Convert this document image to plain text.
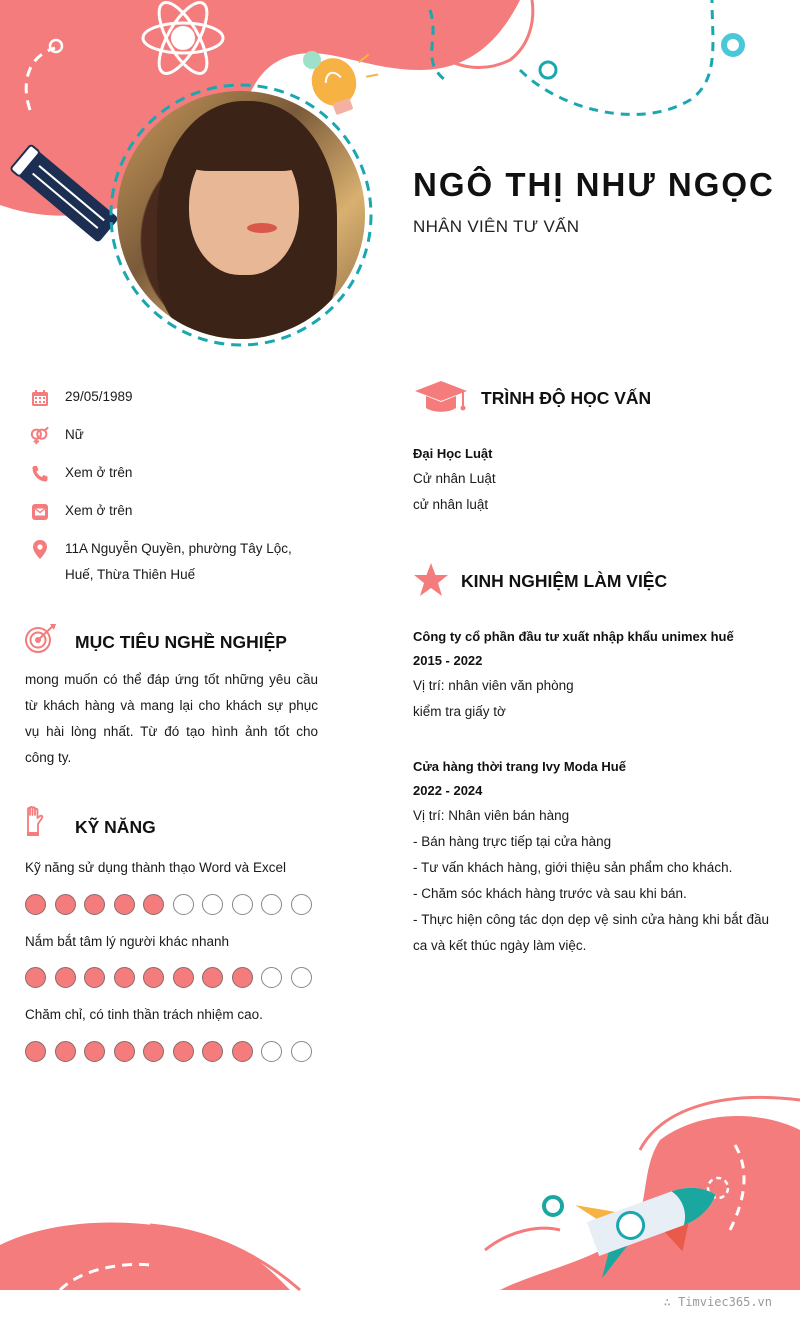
NGÔ THỊ NHƯ NGỌC
NHÂN VIÊN TƯ VẤN
29/05/1989
Nữ
Xem ở trên
Xem ở trên
11A Nguyễn Quyền, phường Tây Lộc,
Huế, Thừa Thiên Huế
MỤC TIÊU NGHỀ NGHIỆP
mong muốn có thể đáp ứng tốt những yêu cầu
từ khách hàng và mang lại cho khách sự phục
vụ hài lòng nhất. Từ đó tạo hình ảnh tốt cho
công ty.
KỸ NĂNG
Kỹ năng sử dụng thành thạo Word và Excel
Nắm bắt tâm lý người khác nhanh
Chăm chỉ, có tinh thần trách nhiệm cao.
TRÌNH ĐỘ HỌC VẤN
Đại Học Luật
Cử nhân Luật
cử nhân luật
KINH NGHIỆM LÀM VIỆC
Công ty cổ phần đầu tư xuất nhập khẩu unimex huế
2015 - 2022
Vị trí: nhân viên văn phòng
kiểm tra giấy tờ
Cửa hàng thời trang Ivy Moda Huế
2022 - 2024
Vị trí: Nhân viên bán hàng
- Bán hàng trực tiếp tại cửa hàng
- Tư vấn khách hàng, giới thiệu sản phẩm cho khách.
- Chăm sóc khách hàng trước và sau khi bán.
- Thực hiện công tác dọn dẹp vệ sinh cửa hàng khi bắt đầu ca và kết thúc ngày làm việc.
∴ Timviec365.vn
